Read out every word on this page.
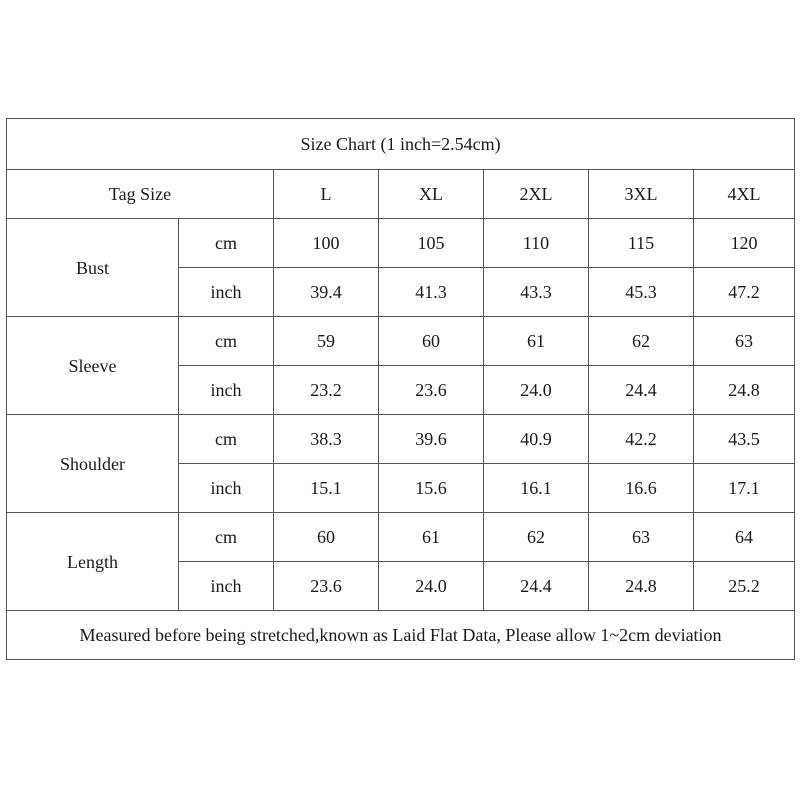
Size Chart (1 inch=2.54cm)						
Tag Size		L	XL	2XL	3XL	4XL
Bust	cm	100	105	110	115	120
	inch	39.4	41.3	43.3	45.3	47.2
Sleeve	cm	59	60	61	62	63
	inch	23.2	23.6	24.0	24.4	24.8
Shoulder	cm	38.3	39.6	40.9	42.2	43.5
	inch	15.1	15.6	16.1	16.6	17.1
Length	cm	60	61	62	63	64
	inch	23.6	24.0	24.4	24.8	25.2
Measured before being stretched,known as Laid Flat Data, Please allow 1~2cm deviation						
